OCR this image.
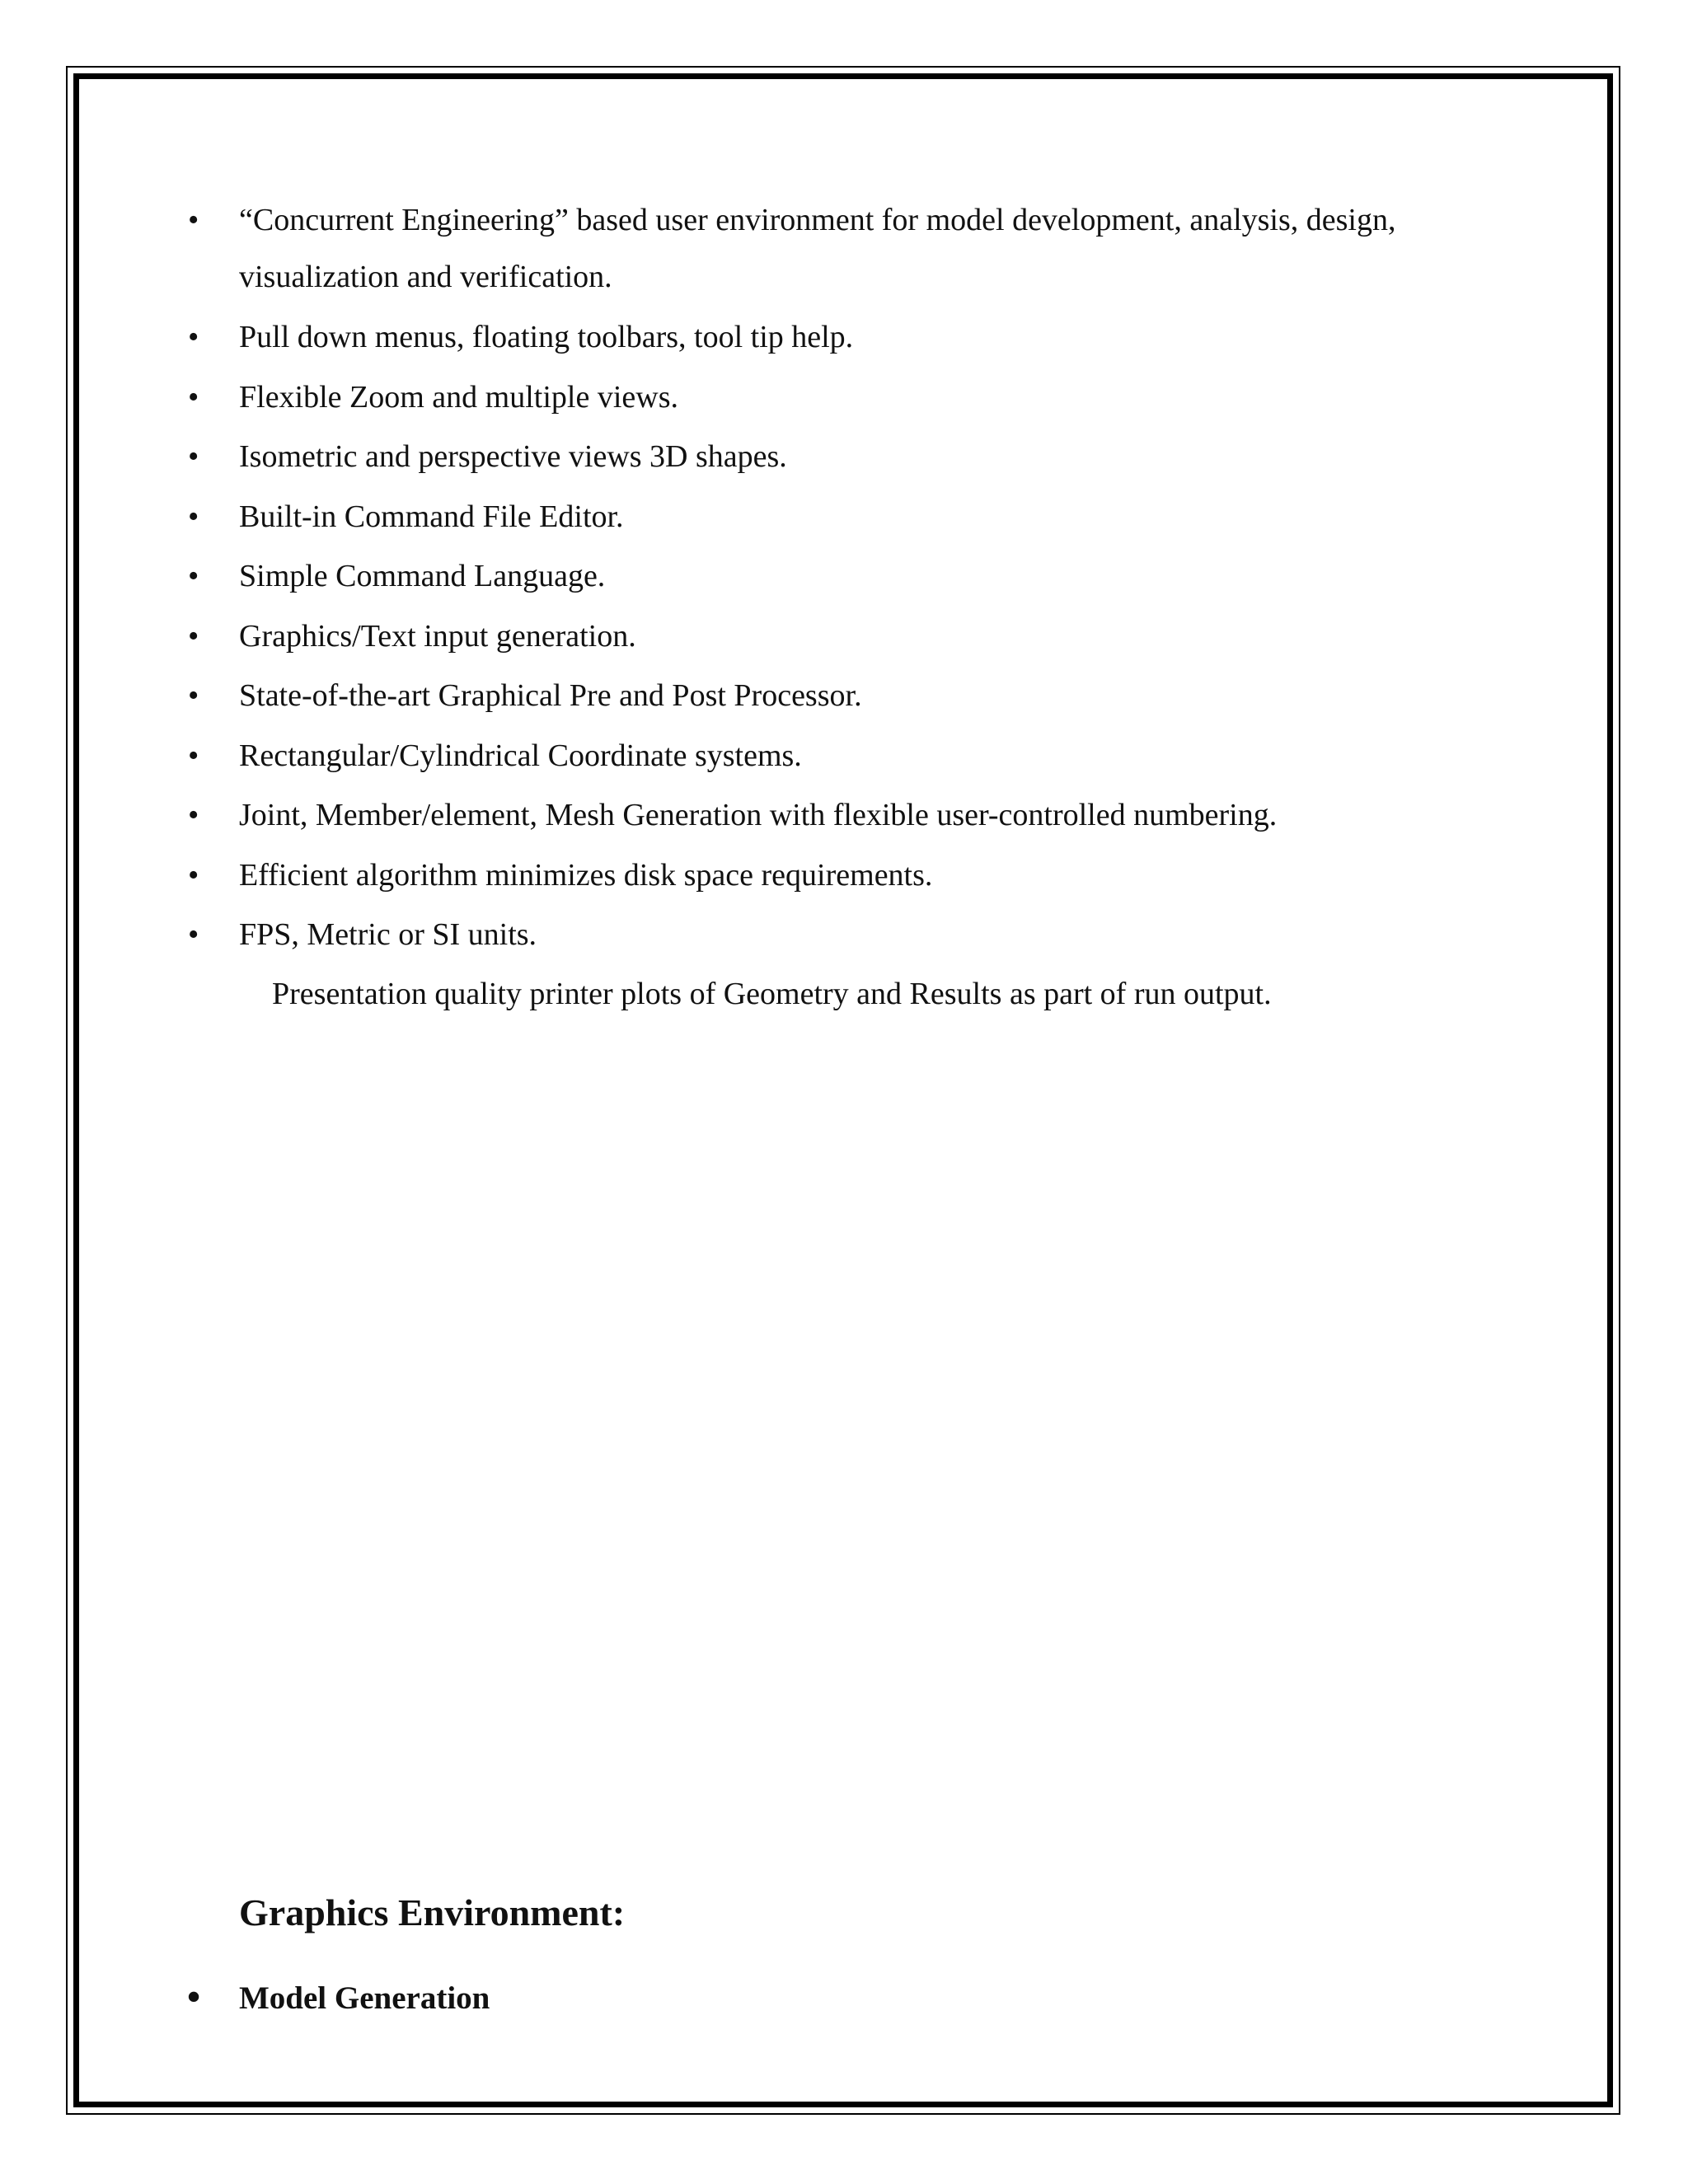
• “Concurrent Engineering” based user environment for model development, analysis, design,
visualization and verification.
• Pull down menus, floating toolbars, tool tip help.
• Flexible Zoom and multiple views.
• Isometric and perspective views 3D shapes.
• Built-in Command File Editor.
• Simple Command Language.
• Graphics/Text input generation.
• State-of-the-art Graphical Pre and Post Processor.
• Rectangular/Cylindrical Coordinate systems.
• Joint, Member/element, Mesh Generation with flexible user-controlled numbering.
• Efficient algorithm minimizes disk space requirements.
• FPS, Metric or SI units.
Presentation quality printer plots of Geometry and Results as part of run output.
Graphics Environment:
• Model Generation
